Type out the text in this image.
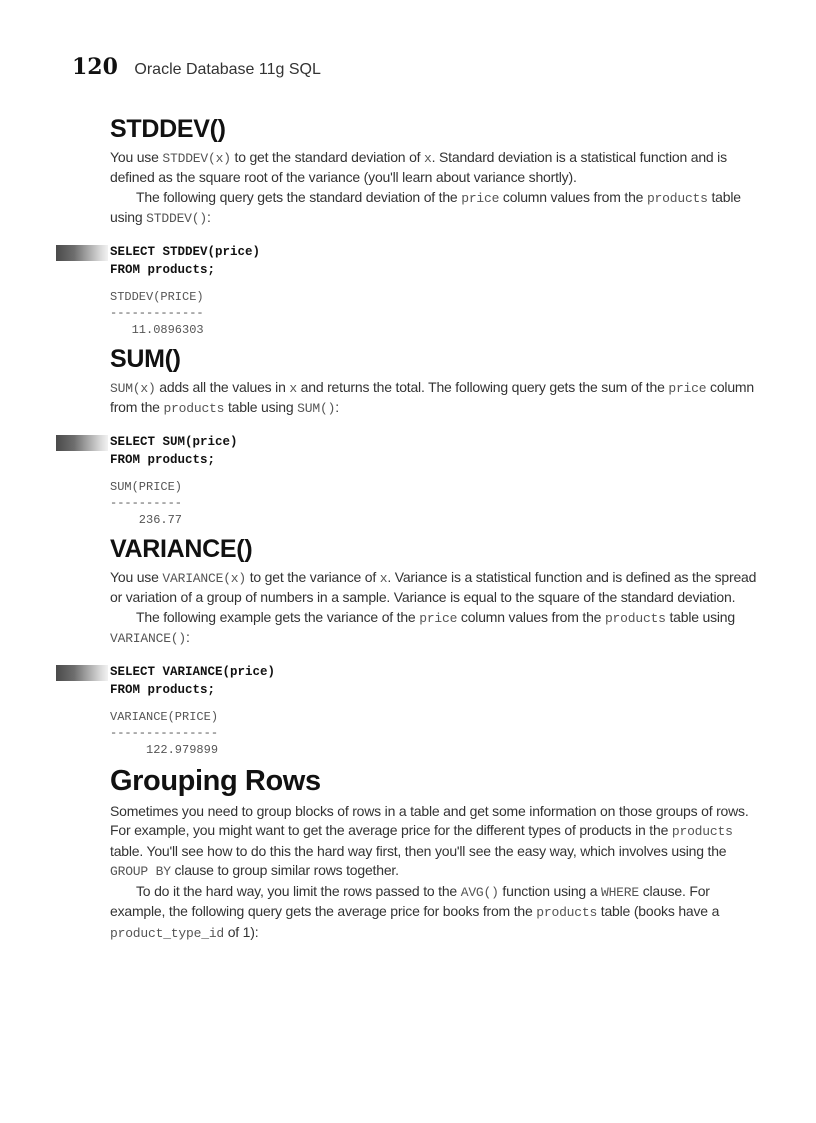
120 Oracle Database 11g SQL
STDDEV()

You use STDDEV(x) to get the standard deviation of x. Standard deviation is a statistical function and is defined as the square root of the variance (you'll learn about variance shortly).

The following query gets the standard deviation of the price column values from the products table using STDDEV():

SELECT STDDEV(price)
FROM products;
STDDEV(PRICE)
-------------
11.0896303
SUM()

SUM(x) adds all the values in x and returns the total. The following query gets the sum of the price column from the products table using SUM():

SELECT SUM(price)
FROM products;
SUM(PRICE)
----------
236.77
VARIANCE()

You use VARIANCE(x) to get the variance of x. Variance is a statistical function and is defined as the spread or variation of a group of numbers in a sample. Variance is equal to the square of the standard deviation.

The following example gets the variance of the price column values from the products table using VARIANCE():

SELECT VARIANCE(price)
FROM products;
VARIANCE(PRICE)
---------------
122.979899
Grouping Rows

Sometimes you need to group blocks of rows in a table and get some information on those groups of rows. For example, you might want to get the average price for the different types of products in the products table. You'll see how to do this the hard way first, then you'll see the easy way, which involves using the GROUP BY clause to group similar rows together.

To do it the hard way, you limit the rows passed to the AVG() function using a WHERE clause. For example, the following query gets the average price for books from the products table (books have a product_type_id of 1):
